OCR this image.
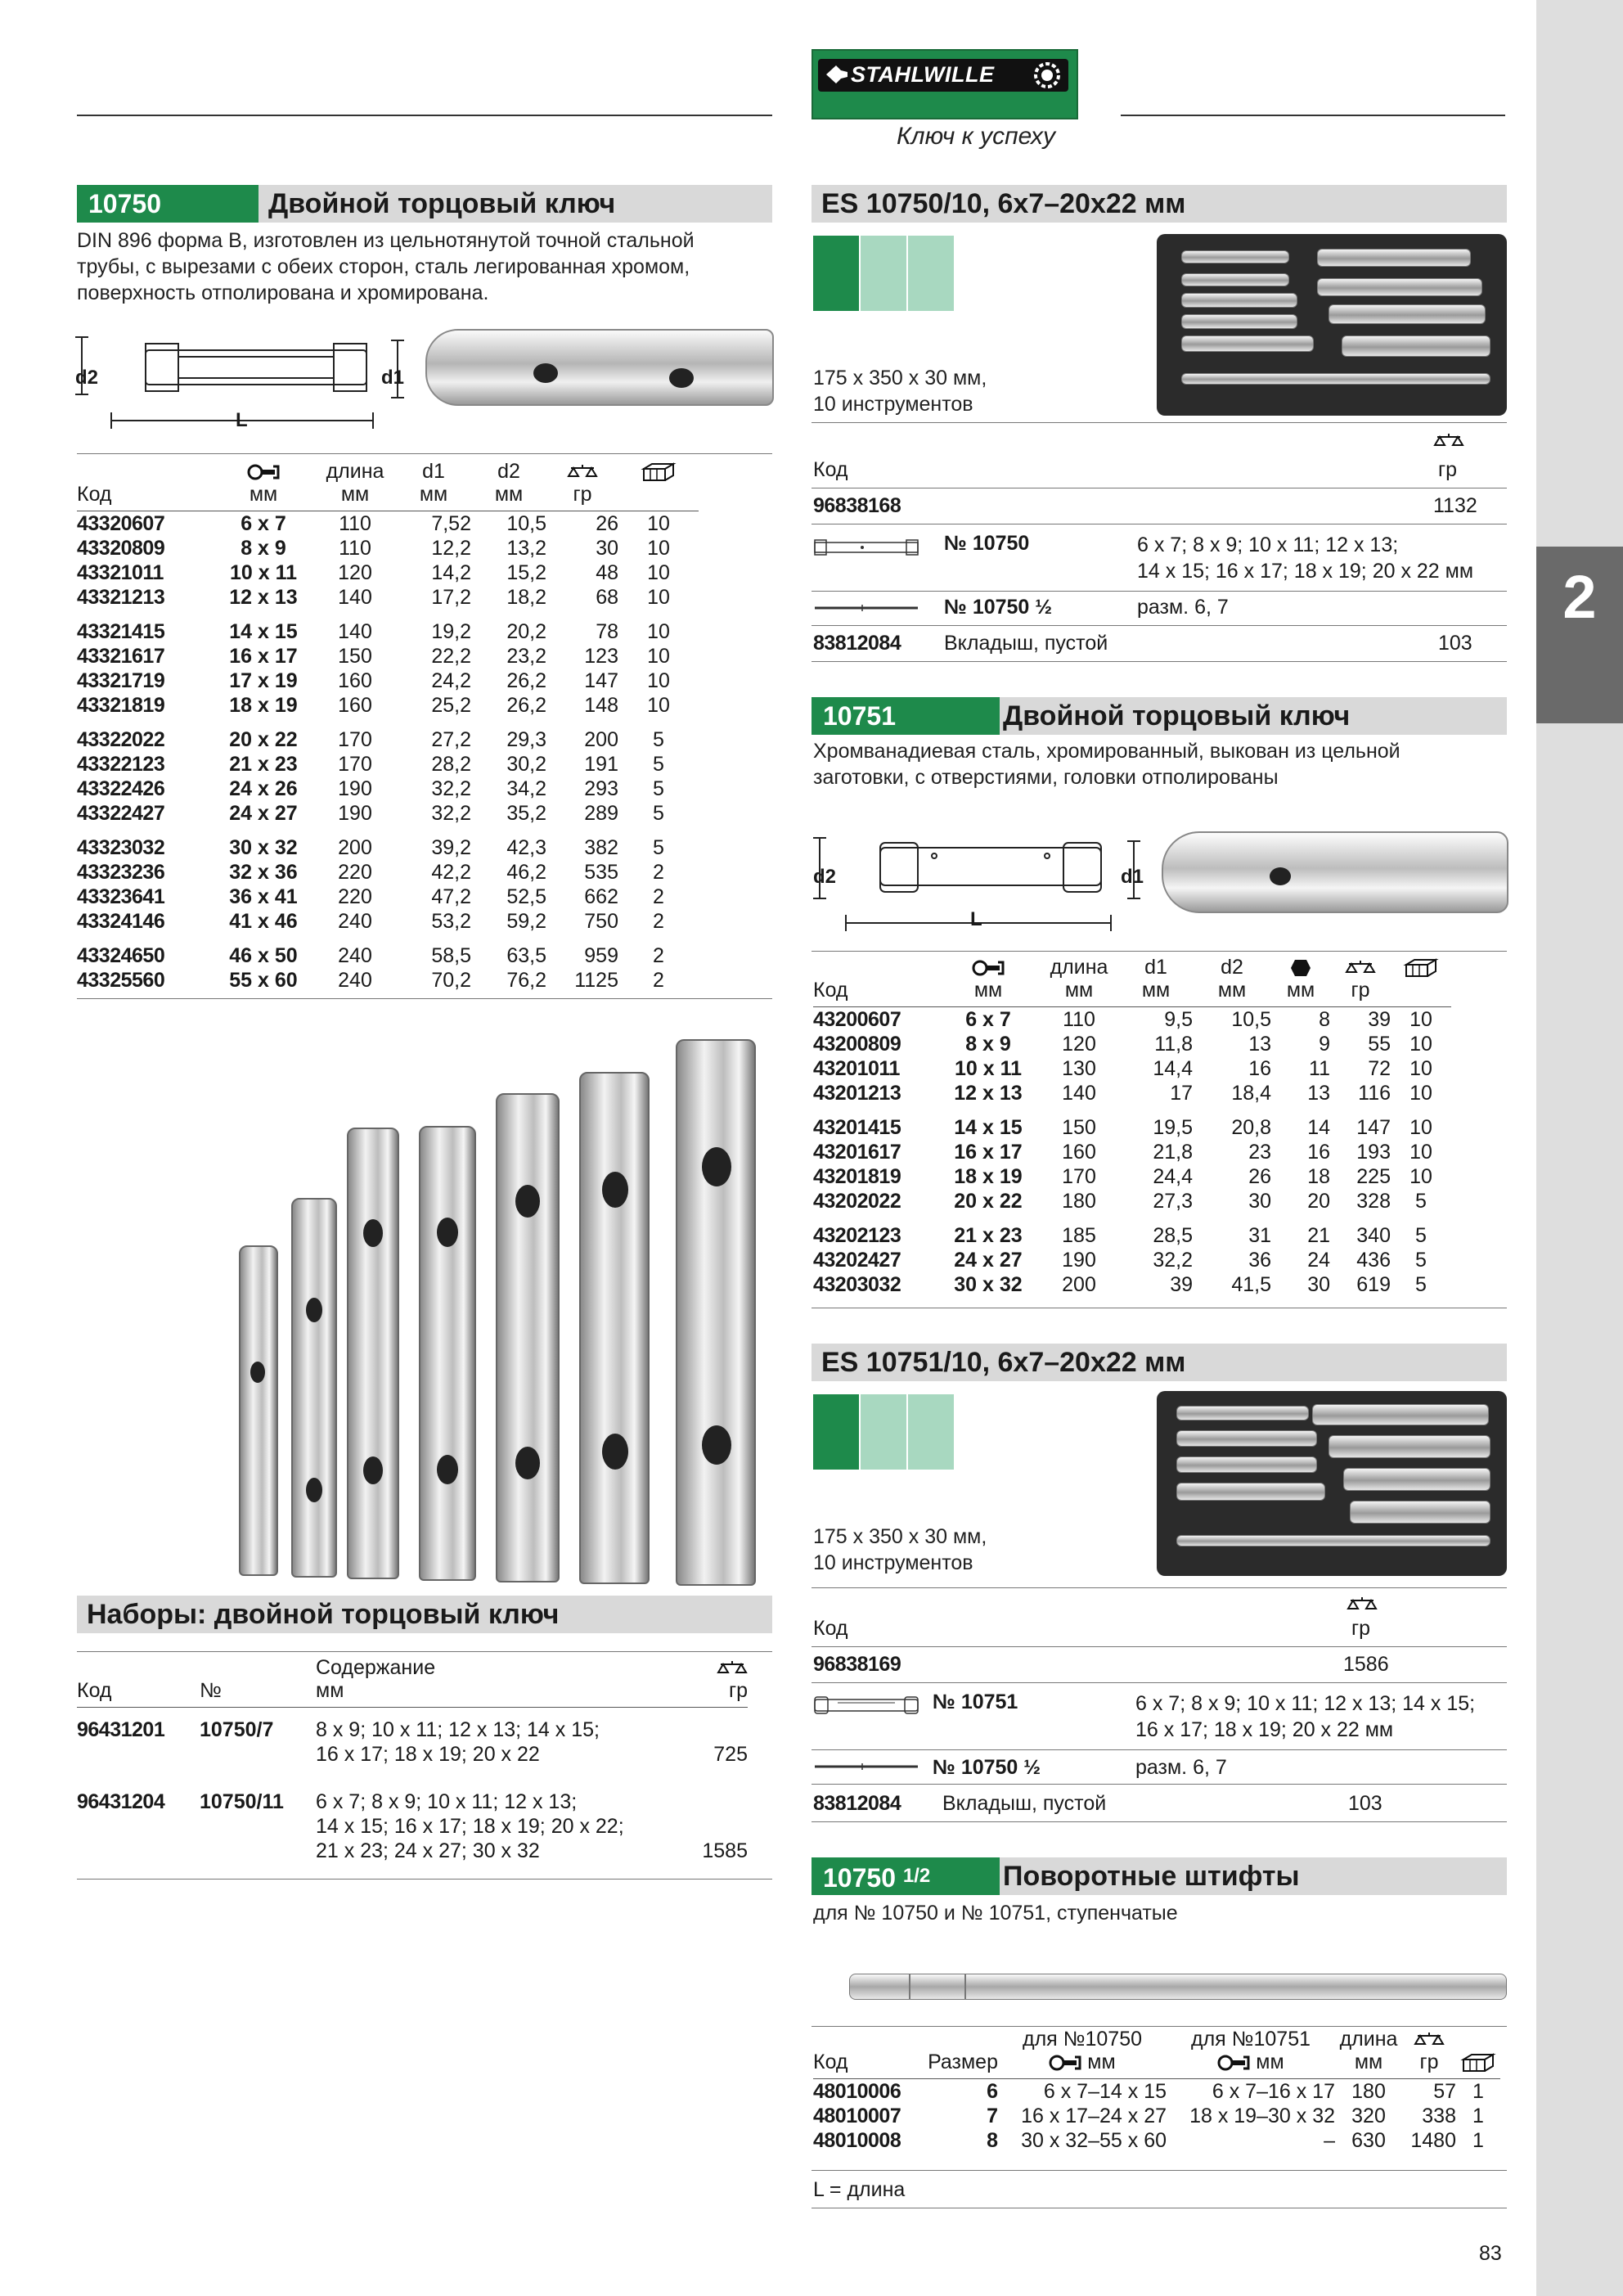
2
STAHLWILLE
Ключ к успеху
10750	Двойной торцовый ключ
DIN 896 форма B, изготовлен из цельнотянутой точной стальной
трубы, с вырезами с обеих сторон, сталь легированная хромом,
поверхность отполирована и хромирована.
d2	d1
L
		длина	d1	d2		
Код	мм	мм	мм	мм	гр	

43320607	6 x 7	110	7,52	10,5	26	10
43320809	8 x 9	110	12,2	13,2	30	10
43321011	10 x 11	120	14,2	15,2	48	10
43321213	12 x 13	140	17,2	18,2	68	10
43321415	14 x 15	140	19,2	20,2	78	10
43321617	16 x 17	150	22,2	23,2	123	10
43321719	17 x 19	160	24,2	26,2	147	10
43321819	18 x 19	160	25,2	26,2	148	10
43322022	20 x 22	170	27,2	29,3	200	5
43322123	21 x 23	170	28,2	30,2	191	5
43322426	24 x 26	190	32,2	34,2	293	5
43322427	24 x 27	190	32,2	35,2	289	5
43323032	30 x 32	200	39,2	42,3	382	5
43323236	32 x 36	220	42,2	46,2	535	2
43323641	36 x 41	220	47,2	52,5	662	2
43324146	41 x 46	240	53,2	59,2	750	2
43324650	46 x 50	240	58,5	63,5	959	2
43325560	55 x 60	240	70,2	76,2	1125	2
Наборы: двойной торцовый ключ
		Содержание	
Код	№	мм	гр

96431201	10750/7	8 x 9; 10 x 11; 12 x 13; 14 x 15;
16 x 17; 18 x 19; 20 x 22	725
96431204	10750/11	6 x 7; 8 x 9; 10 x 11; 12 x 13;
14 x 15; 16 x 17; 18 x 19; 20 x 22;
21 x 23; 24 x 27; 30 x 32	1585
ES 10750/10, 6x7–20x22 мм
175 x 350 x 30 мм,
10 инструментов
Код	гр
96838168	1132
№ 10750	6 x 7; 8 x 9; 10 x 11; 12 x 13;
14 x 15; 16 x 17; 18 x 19; 20 x 22 мм
№ 10750 ½	разм. 6, 7
83812084 Вкладыш, пустой	103
10751	Двойной торцовый ключ
Хромванадиевая сталь, хромированный, выкован из цельной
заготовки, с отверстиями, головки отполированы
d2	d1
L
		длина	d1	d2			
Код	мм	мм	мм	мм	мм	гр	

43200607	6 x 7	110	9,5	10,5	8	39	10
43200809	8 x 9	120	11,8	13	9	55	10
43201011	10 x 11	130	14,4	16	11	72	10
43201213	12 x 13	140	17	18,4	13	116	10
43201415	14 x 15	150	19,5	20,8	14	147	10
43201617	16 x 17	160	21,8	23	16	193	10
43201819	18 x 19	170	24,4	26	18	225	10
43202022	20 x 22	180	27,3	30	20	328	5
43202123	21 x 23	185	28,5	31	21	340	5
43202427	24 x 27	190	32,2	36	24	436	5
43203032	30 x 32	200	39	41,5	30	619	5
ES 10751/10, 6x7–20x22 мм
175 x 350 x 30 мм,
10 инструментов
Код	гр
96838169	1586
№ 10751	6 x 7; 8 x 9; 10 x 11; 12 x 13; 14 x 15;
16 x 17; 18 x 19; 20 x 22 мм
№ 10750 ½	разм. 6, 7
83812084 Вкладыш, пустой	103
10750 1/2	Поворотные штифты
для № 10750 и № 10751, ступенчатые
		для №10750	для №10751	длина		
Код	Размер	мм	мм	мм	гр	

48010006	6	6 x 7–14 x 15	6 x 7–16 x 17	180	57	1
48010007	7	16 x 17–24 x 27	18 x 19–30 x 32	320	338	1
48010008	8	30 x 32–55 x 60	–	630	1480	1
L = длина
83
